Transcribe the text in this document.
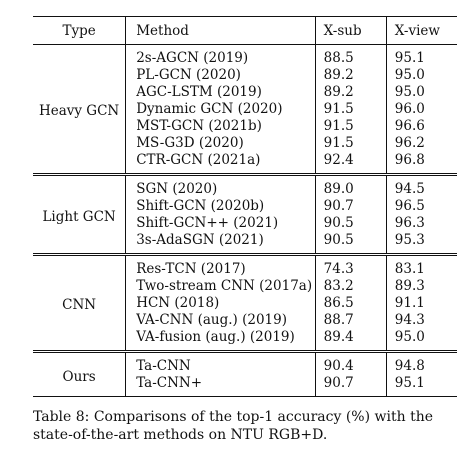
Type	Method	X-sub	X-view
Heavy GCN	2s-AGCN (2019)	88.5	95.1
	PL-GCN (2020)	89.2	95.0
	AGC-LSTM (2019)	89.2	95.0
	Dynamic GCN (2020)	91.5	96.0
	MST-GCN (2021b)	91.5	96.6
	MS-G3D (2020)	91.5	96.2
	CTR-GCN (2021a)	92.4	96.8
Light GCN	SGN (2020)	89.0	94.5
	Shift-GCN (2020b)	90.7	96.5
	Shift-GCN++ (2021)	90.5	96.3
	3s-AdaSGN (2021)	90.5	95.3
CNN	Res-TCN (2017)	74.3	83.1
	Two-stream CNN (2017a)	83.2	89.3
	HCN (2018)	86.5	91.1
	VA-CNN (aug.) (2019)	88.7	94.3
	VA-fusion (aug.) (2019)	89.4	95.0
Ours	Ta-CNN	90.4	94.8
	Ta-CNN+	90.7	95.1
Table 8: Comparisons of the top-1 accuracy (%) with the state-of-the-art methods on NTU RGB+D.
